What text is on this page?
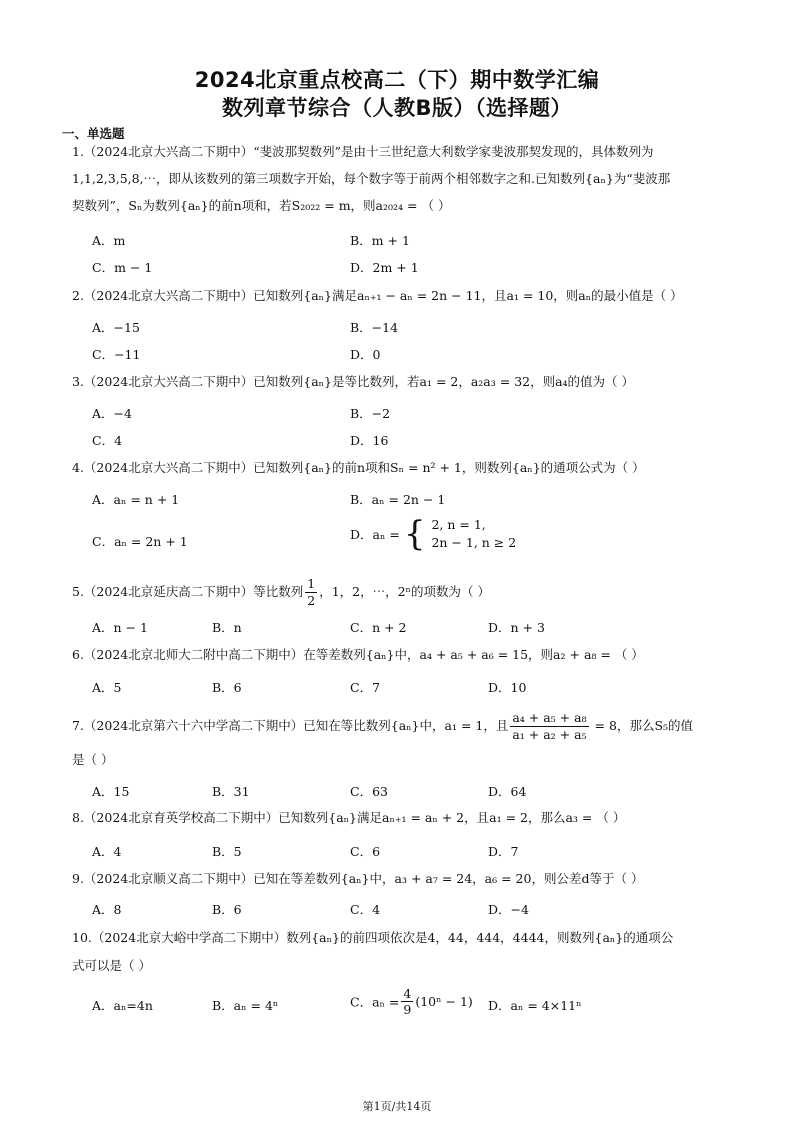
2024北京重点校高二（下）期中数学汇编
数列章节综合（人教B版）（选择题）
一、单选题
1.（2024北京大兴高二下期中）“斐波那契数列”是由十三世纪意大利数学家斐波那契发现的，具体数列为
1,1,2,3,5,8,⋯，即从该数列的第三项数字开始，每个数字等于前两个相邻数字之和.已知数列{aₙ}为“斐波那
契数列”，Sₙ为数列{aₙ}的前n项和，若S₂₀₂₂ = m，则a₂₀₂₄ = （ ）
A．m	B．m + 1
C．m − 1	D．2m + 1
2.（2024北京大兴高二下期中）已知数列{aₙ}满足aₙ₊₁ − aₙ = 2n − 11，且a₁ = 10，则aₙ的最小值是（ ）
A．−15	B．−14
C．−11	D．0
3.（2024北京大兴高二下期中）已知数列{aₙ}是等比数列，若a₁ = 2，a₂a₃ = 32，则a₄的值为（ ）
A．−4	B．−2
C．4	D．16
4.（2024北京大兴高二下期中）已知数列{aₙ}的前n项和Sₙ = n² + 1，则数列{aₙ}的通项公式为（ ）
A．aₙ = n + 1	B．aₙ = 2n − 1
C．aₙ = 2n + 1	D．aₙ = { 2, n = 1,
2n − 1, n ≥ 2
5.（2024北京延庆高二下期中）等比数列 $\frac{1}{2}$ ，1，2，⋯，2ⁿ的项数为（ ）
A．n − 1	B．n	C．n + 2	D．n + 3
6.（2024北京北师大二附中高二下期中）在等差数列{aₙ}中，a₄ + a₅ + a₆ = 15，则a₂ + a₈ = （ ）
A．5	B．6	C．7	D．10
7.（2024北京第六十六中学高二下期中）已知在等比数列{aₙ}中，a₁ = 1，且 $\frac{\text{a₄ + a₅ + a₈}}{\text{a₁ + a₂ + a₅}} = 8$，那么S₅的值
是（ ）
A．15	B．31	C．63	D．64
8.（2024北京育英学校高二下期中）已知数列{aₙ}满足aₙ₊₁ = aₙ + 2，且a₁ = 2，那么a₃ = （ ）
A．4	B．5	C．6	D．7
9.（2024北京顺义高二下期中）已知在等差数列{aₙ}中，a₃ + a₇ = 24，a₆ = 20，则公差d等于（ ）
A．8	B．6	C．4	D．−4
10.（2024北京大峪中学高二下期中）数列{aₙ}的前四项依次是4，44，444，4444，则数列{aₙ}的通项公
式可以是（ ）
A．aₙ=4n	B．aₙ = 4ⁿ	C．$a_n = \frac{4}{9} (10^n - 1)$ D．aₙ = 4×11ⁿ
第1页/共14页
